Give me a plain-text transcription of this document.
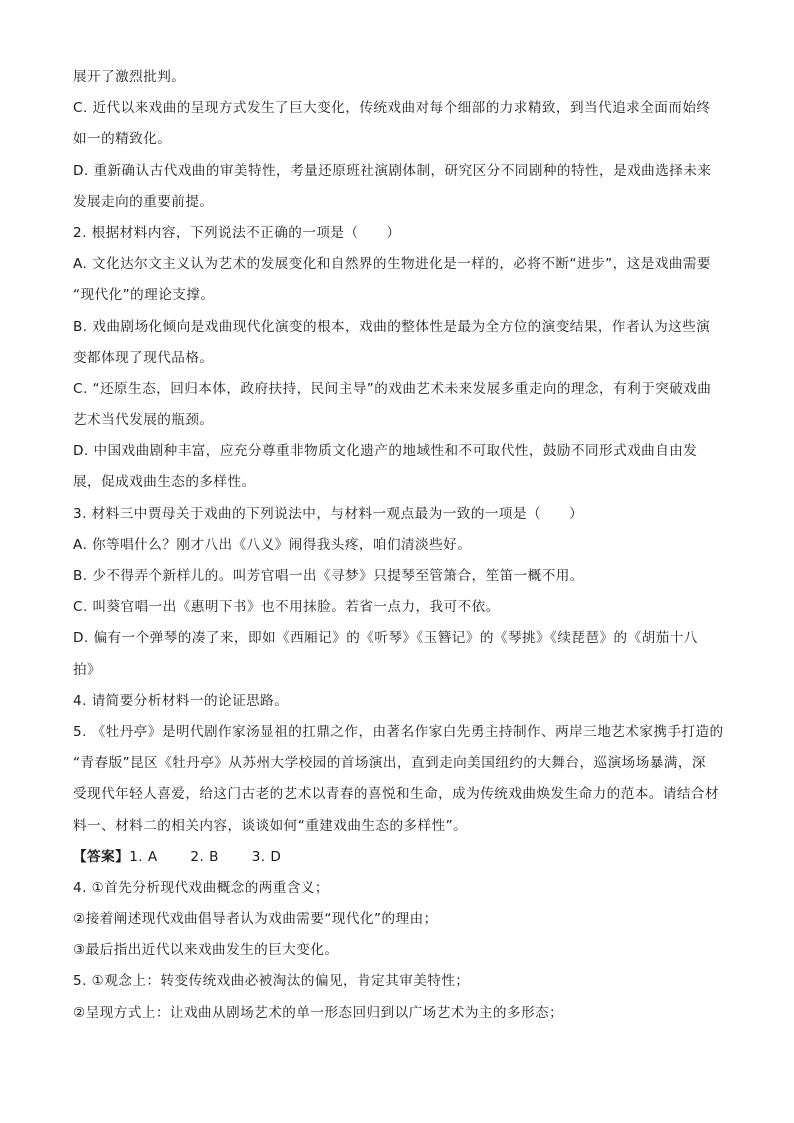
展开了激烈批判。
C. 近代以来戏曲的呈现方式发生了巨大变化，传统戏曲对每个细部的力求精致，到当代追求全面而始终
如一的精致化。
D. 重新确认古代戏曲的审美特性，考量还原班社演剧体制，研究区分不同剧种的特性，是戏曲选择未来
发展走向的重要前提。
2. 根据材料内容，下列说法不正确的一项是（　　）
A. 文化达尔文主义认为艺术的发展变化和自然界的生物进化是一样的，必将不断“进步”，这是戏曲需要
“现代化”的理论支撑。
B. 戏曲剧场化倾向是戏曲现代化演变的根本，戏曲的整体性是最为全方位的演变结果，作者认为这些演
变都体现了现代品格。
C. “还原生态，回归本体，政府扶持，民间主导”的戏曲艺术未来发展多重走向的理念，有利于突破戏曲
艺术当代发展的瓶颈。
D. 中国戏曲剧种丰富，应充分尊重非物质文化遗产的地域性和不可取代性，鼓励不同形式戏曲自由发
展，促成戏曲生态的多样性。
3. 材料三中贾母关于戏曲的下列说法中，与材料一观点最为一致的一项是（　　）
A. 你等唱什么？刚才八出《八义》闹得我头疼，咱们清淡些好。
B. 少不得弄个新样儿的。叫芳官唱一出《寻梦》只提琴至管箫合，笙笛一概不用。
C. 叫葵官唱一出《惠明下书》也不用抹脸。若省一点力，我可不依。
D. 偏有一个弹琴的凑了来，即如《西厢记》的《听琴》《玉簪记》的《琴挑》《续琵琶》的《胡茄十八
拍》
4. 请简要分析材料一的论证思路。
5. 《牡丹亭》是明代剧作家汤显祖的扛鼎之作，由著名作家白先勇主持制作、两岸三地艺术家携手打造的
“青春版”昆区《牡丹亭》从苏州大学校园的首场演出，直到走向美国纽约的大舞台，巡演场场暴满，深
受现代年轻人喜爱，给这门古老的艺术以青春的喜悦和生命，成为传统戏曲焕发生命力的范本。请结合材
料一、材料二的相关内容，谈谈如何“重建戏曲生态的多样性”。
【答案】1. A　　 2. B　　 3. D
4. ①首先分析现代戏曲概念的两重含义；
②接着阐述现代戏曲倡导者认为戏曲需要“现代化”的理由；
③最后指出近代以来戏曲发生的巨大变化。
5. ①观念上：转变传统戏曲必被淘汰的偏见，肯定其审美特性；
②呈现方式上：让戏曲从剧场艺术的单一形态回归到以广场艺术为主的多形态；
